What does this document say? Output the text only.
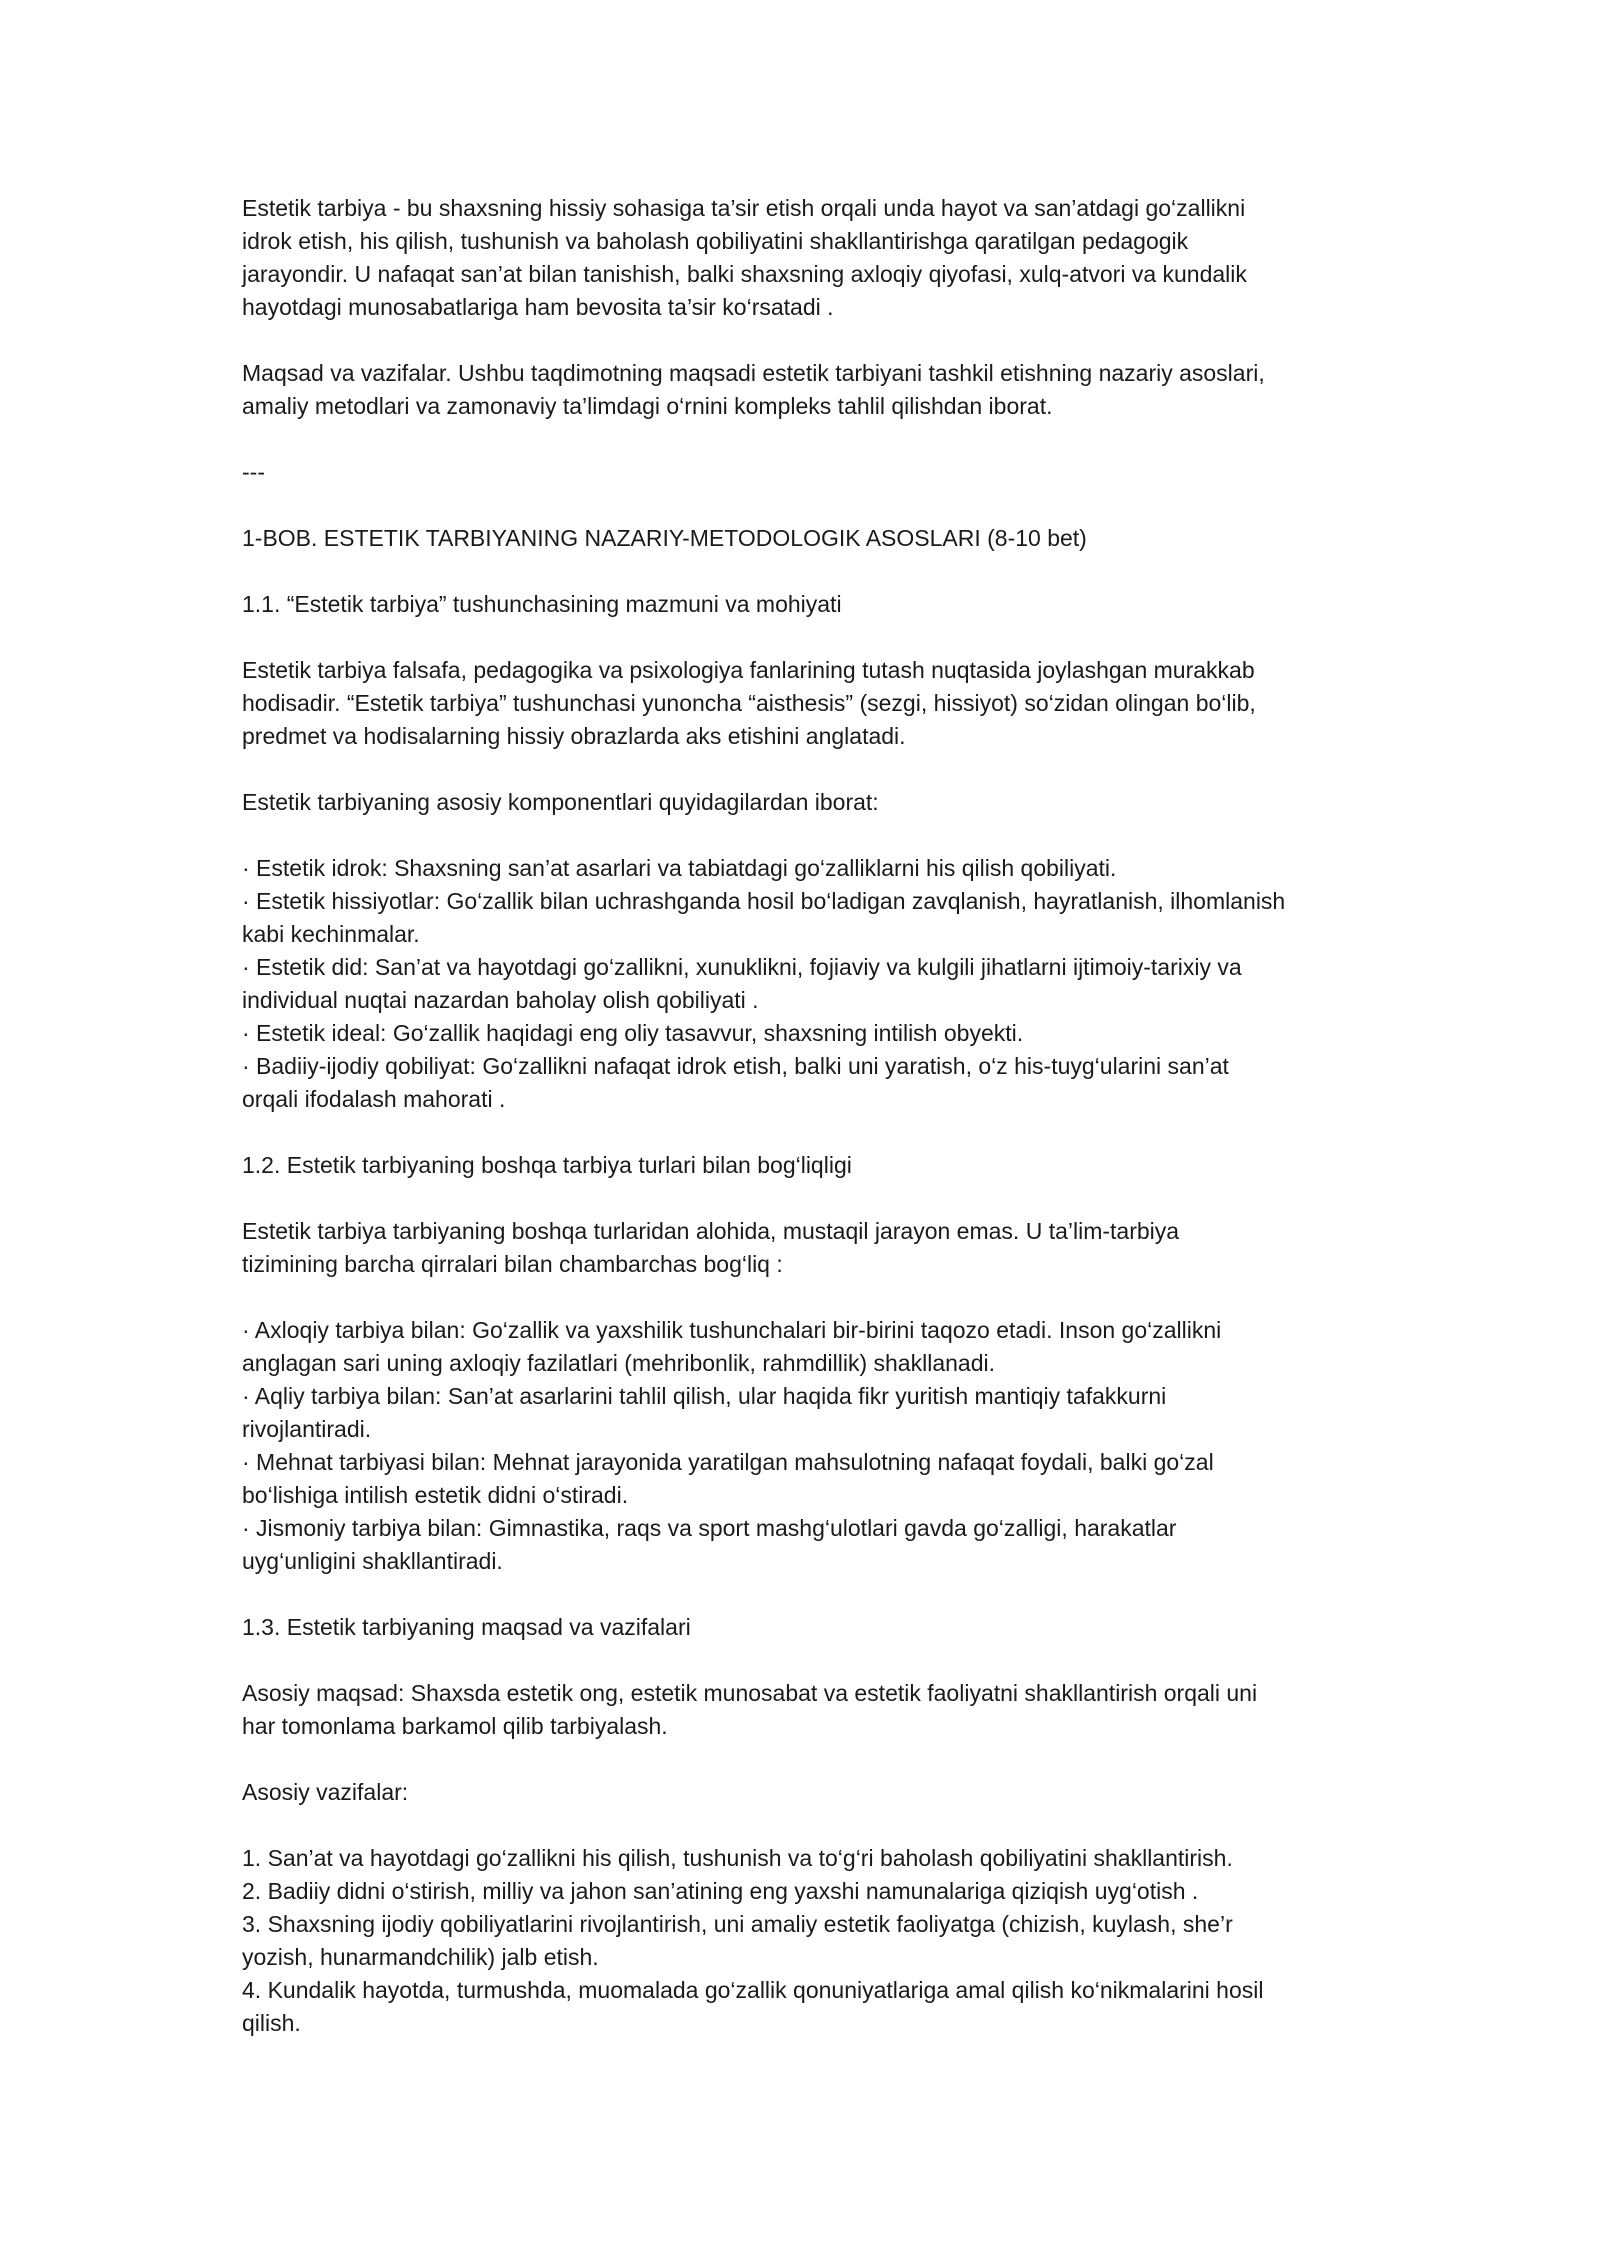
Estetik tarbiya - bu shaxsning hissiy sohasiga ta’sir etish orqali unda hayot va san’atdagi go‘zallikni
idrok etish, his qilish, tushunish va baholash qobiliyatini shakllantirishga qaratilgan pedagogik
jarayondir. U nafaqat san’at bilan tanishish, balki shaxsning axloqiy qiyofasi, xulq-atvori va kundalik
hayotdagi munosabatlariga ham bevosita ta’sir ko‘rsatadi .
Maqsad va vazifalar. Ushbu taqdimotning maqsadi estetik tarbiyani tashkil etishning nazariy asoslari,
amaliy metodlari va zamonaviy ta’limdagi o‘rnini kompleks tahlil qilishdan iborat.
---
1-BOB. ESTETIK TARBIYANING NAZARIY-METODOLOGIK ASOSLARI (8-10 bet)
1.1. “Estetik tarbiya” tushunchasining mazmuni va mohiyati
Estetik tarbiya falsafa, pedagogika va psixologiya fanlarining tutash nuqtasida joylashgan murakkab
hodisadir. “Estetik tarbiya” tushunchasi yunoncha “aisthesis” (sezgi, hissiyot) so‘zidan olingan bo‘lib,
predmet va hodisalarning hissiy obrazlarda aks etishini anglatadi.
Estetik tarbiyaning asosiy komponentlari quyidagilardan iborat:
· Estetik idrok: Shaxsning san’at asarlari va tabiatdagi go‘zalliklarni his qilish qobiliyati.
· Estetik hissiyotlar: Go‘zallik bilan uchrashganda hosil bo‘ladigan zavqlanish, hayratlanish, ilhomlanish
kabi kechinmalar.
· Estetik did: San’at va hayotdagi go‘zallikni, xunuklikni, fojiaviy va kulgili jihatlarni ijtimoiy-tarixiy va
individual nuqtai nazardan baholay olish qobiliyati .
· Estetik ideal: Go‘zallik haqidagi eng oliy tasavvur, shaxsning intilish obyekti.
· Badiiy-ijodiy qobiliyat: Go‘zallikni nafaqat idrok etish, balki uni yaratish, o‘z his-tuyg‘ularini san’at
orqali ifodalash mahorati .
1.2. Estetik tarbiyaning boshqa tarbiya turlari bilan bog‘liqligi
Estetik tarbiya tarbiyaning boshqa turlaridan alohida, mustaqil jarayon emas. U ta’lim-tarbiya
tizimining barcha qirralari bilan chambarchas bog‘liq :
· Axloqiy tarbiya bilan: Go‘zallik va yaxshilik tushunchalari bir-birini taqozo etadi. Inson go‘zallikni
anglagan sari uning axloqiy fazilatlari (mehribonlik, rahmdillik) shakllanadi.
· Aqliy tarbiya bilan: San’at asarlarini tahlil qilish, ular haqida fikr yuritish mantiqiy tafakkurni
rivojlantiradi.
· Mehnat tarbiyasi bilan: Mehnat jarayonida yaratilgan mahsulotning nafaqat foydali, balki go‘zal
bo‘lishiga intilish estetik didni o‘stiradi.
· Jismoniy tarbiya bilan: Gimnastika, raqs va sport mashg‘ulotlari gavda go‘zalligi, harakatlar
uyg‘unligini shakllantiradi.
1.3. Estetik tarbiyaning maqsad va vazifalari
Asosiy maqsad: Shaxsda estetik ong, estetik munosabat va estetik faoliyatni shakllantirish orqali uni
har tomonlama barkamol qilib tarbiyalash.
Asosiy vazifalar:
1. San’at va hayotdagi go‘zallikni his qilish, tushunish va to‘g‘ri baholash qobiliyatini shakllantirish.
2. Badiiy didni o‘stirish, milliy va jahon san’atining eng yaxshi namunalariga qiziqish uyg‘otish .
3. Shaxsning ijodiy qobiliyatlarini rivojlantirish, uni amaliy estetik faoliyatga (chizish, kuylash, she’r
yozish, hunarmandchilik) jalb etish.
4. Kundalik hayotda, turmushda, muomalada go‘zallik qonuniyatlariga amal qilish ko‘nikmalarini hosil
qilish.
